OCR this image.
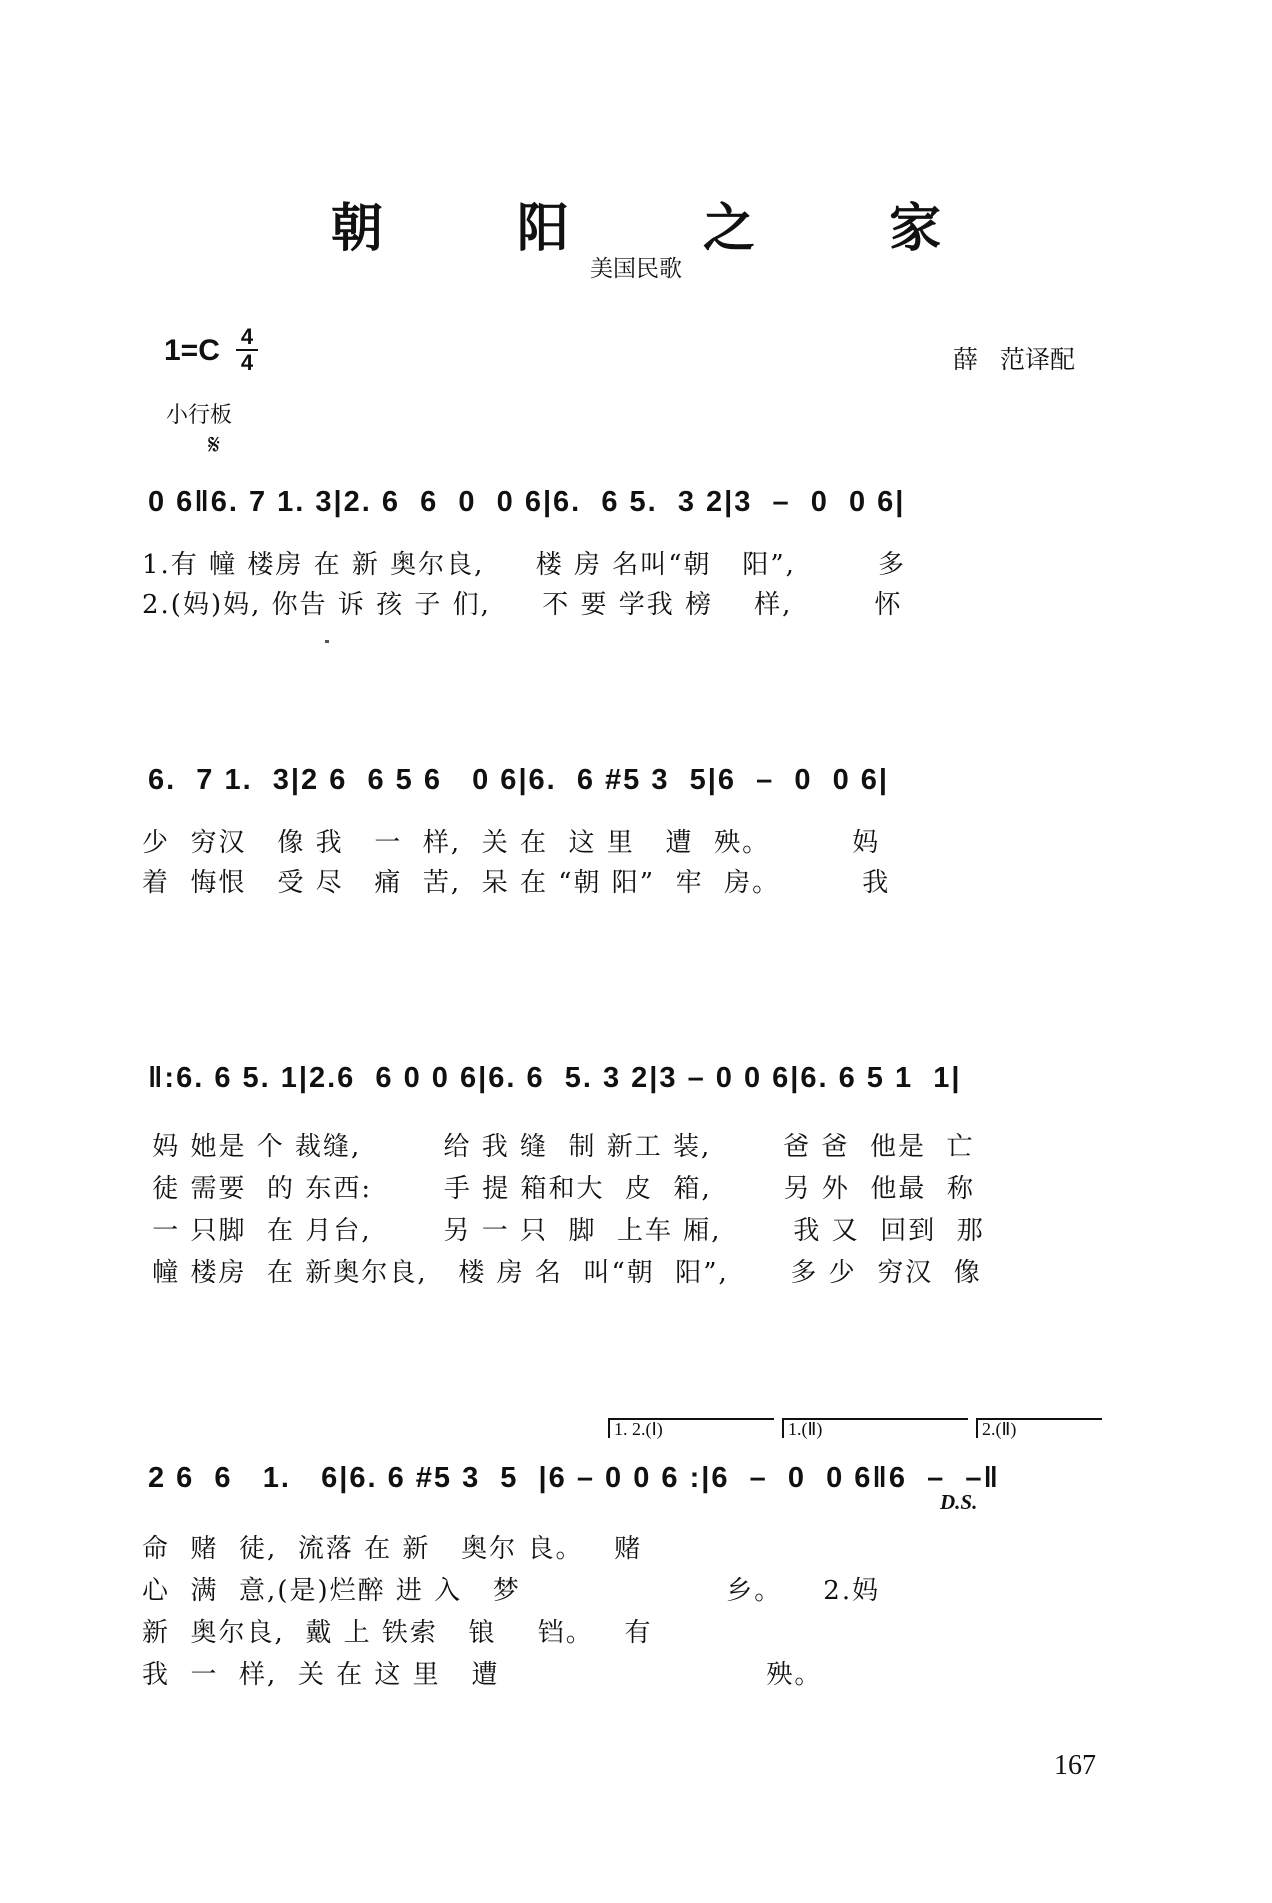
朝 阳 之 家
美国民歌
1=C 4
4	薛 范译配
小行板
𝄋
0 6‖6. 7 1. 3|2. 6  6  0  0 6|6.  6 5.  3 2|3  –  0  0 6|
1.有 幢 楼房 在 新 奥尔良,     楼 房 名叫“朝   阳”,        多
2.(妈)妈, 你告 诉 孩 子 们,     不 要 学我 榜    样,        怀
6.  7 1.  3|2 6  6 5 6   0 6|6.  6 #5 3  5|6  –  0  0 6|
少  穷汉   像 我   一  样,  关 在  这 里   遭  殃。        妈
着  悔恨   受 尽   痛  苦,  呆 在 “朝 阳”  牢  房。        我
‖:6. 6 5. 1|2.6  6 0 0 6|6. 6  5. 3 2|3 – 0 0 6|6. 6 5 1  1|
妈 她是 个 裁缝,        给 我 缝  制 新工 装,       爸 爸  他是  亡
徒 需要  的 东西:       手 提 箱和大  皮  箱,       另 外  他最  称
一 只脚  在 月台,       另 一 只  脚  上车 厢,       我 又  回到  那
幢 楼房  在 新奥尔良,   楼 房 名  叫“朝  阳”,      多 少  穷汉  像
1. 2.(Ⅰ)	1.(Ⅱ)	2.(Ⅱ)
2 6  6   1.   6|6. 6 #5 3  5  |6 – 0 0 6 :|6  –  0  0 6‖6  –  –‖
D.S.
命  赌  徒,  流落 在 新   奥尔 良。   赌
心  满  意,(是)烂醉 进 入   梦                    乡。    2.妈
新  奥尔良,  戴 上 铁索   锒    铛。   有
我  一  样,  关 在 这 里   遭                          殃。
167
